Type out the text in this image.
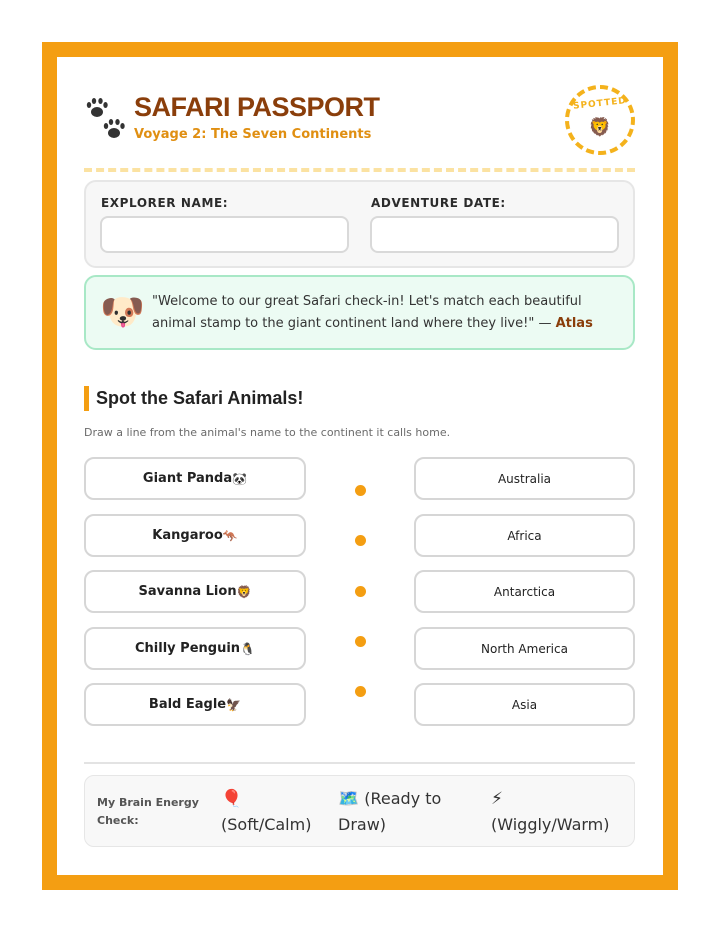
SAFARI PASSPORT
Voyage 2: The Seven Continents
SPOTTED
🦁
EXPLORER NAME:	ADVENTURE DATE:
🐶 "Welcome to our great Safari check-in! Let's match each beautiful animal stamp to the giant continent land where they live!" — Atlas
Spot the Safari Animals!
Draw a line from the animal's name to the continent it calls home.
Giant Panda 🐼
Kangaroo 🦘
Savanna Lion 🦁
Chilly Penguin 🐧
Bald Eagle 🦅
Australia
Africa
Antarctica
North America
Asia
My Brain Energy Check:
🎈
(Soft/Calm)
🗺️ (Ready to Draw)
⚡
(Wiggly/Warm)
